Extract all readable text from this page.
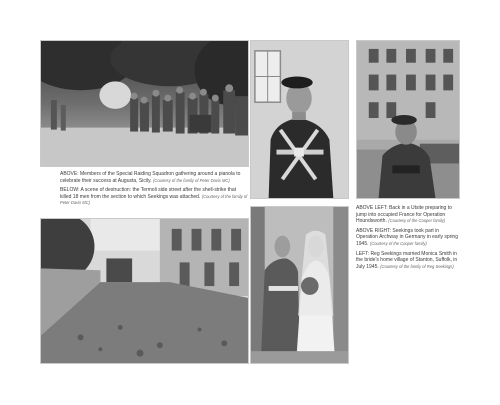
ABOVE: Members of the Special Raiding Squadron gathering around a pianola to celebrate their success at Augusta, Sicily. (Courtesy of the family of Peter Davis MC)

BELOW: A scene of destruction: the Termoli side street after the shell-strike that killed 18 men from the section to which Seekings was attached. (Courtesy of the family of Peter Davis MC)

ABOVE LEFT: Back in a Utsite preparing to jump into occupied France for Operation Houndsworth. (Courtesy of the Cooper family)

ABOVE RIGHT: Seekings took part in Operation Archway in Germany in early spring 1945. (Courtesy of the Cooper family)

LEFT: Reg Seekings married Monica Smith in the bride's home village of Stanton, Suffolk, in July 1945. (Courtesy of the family of Reg Seekings)
